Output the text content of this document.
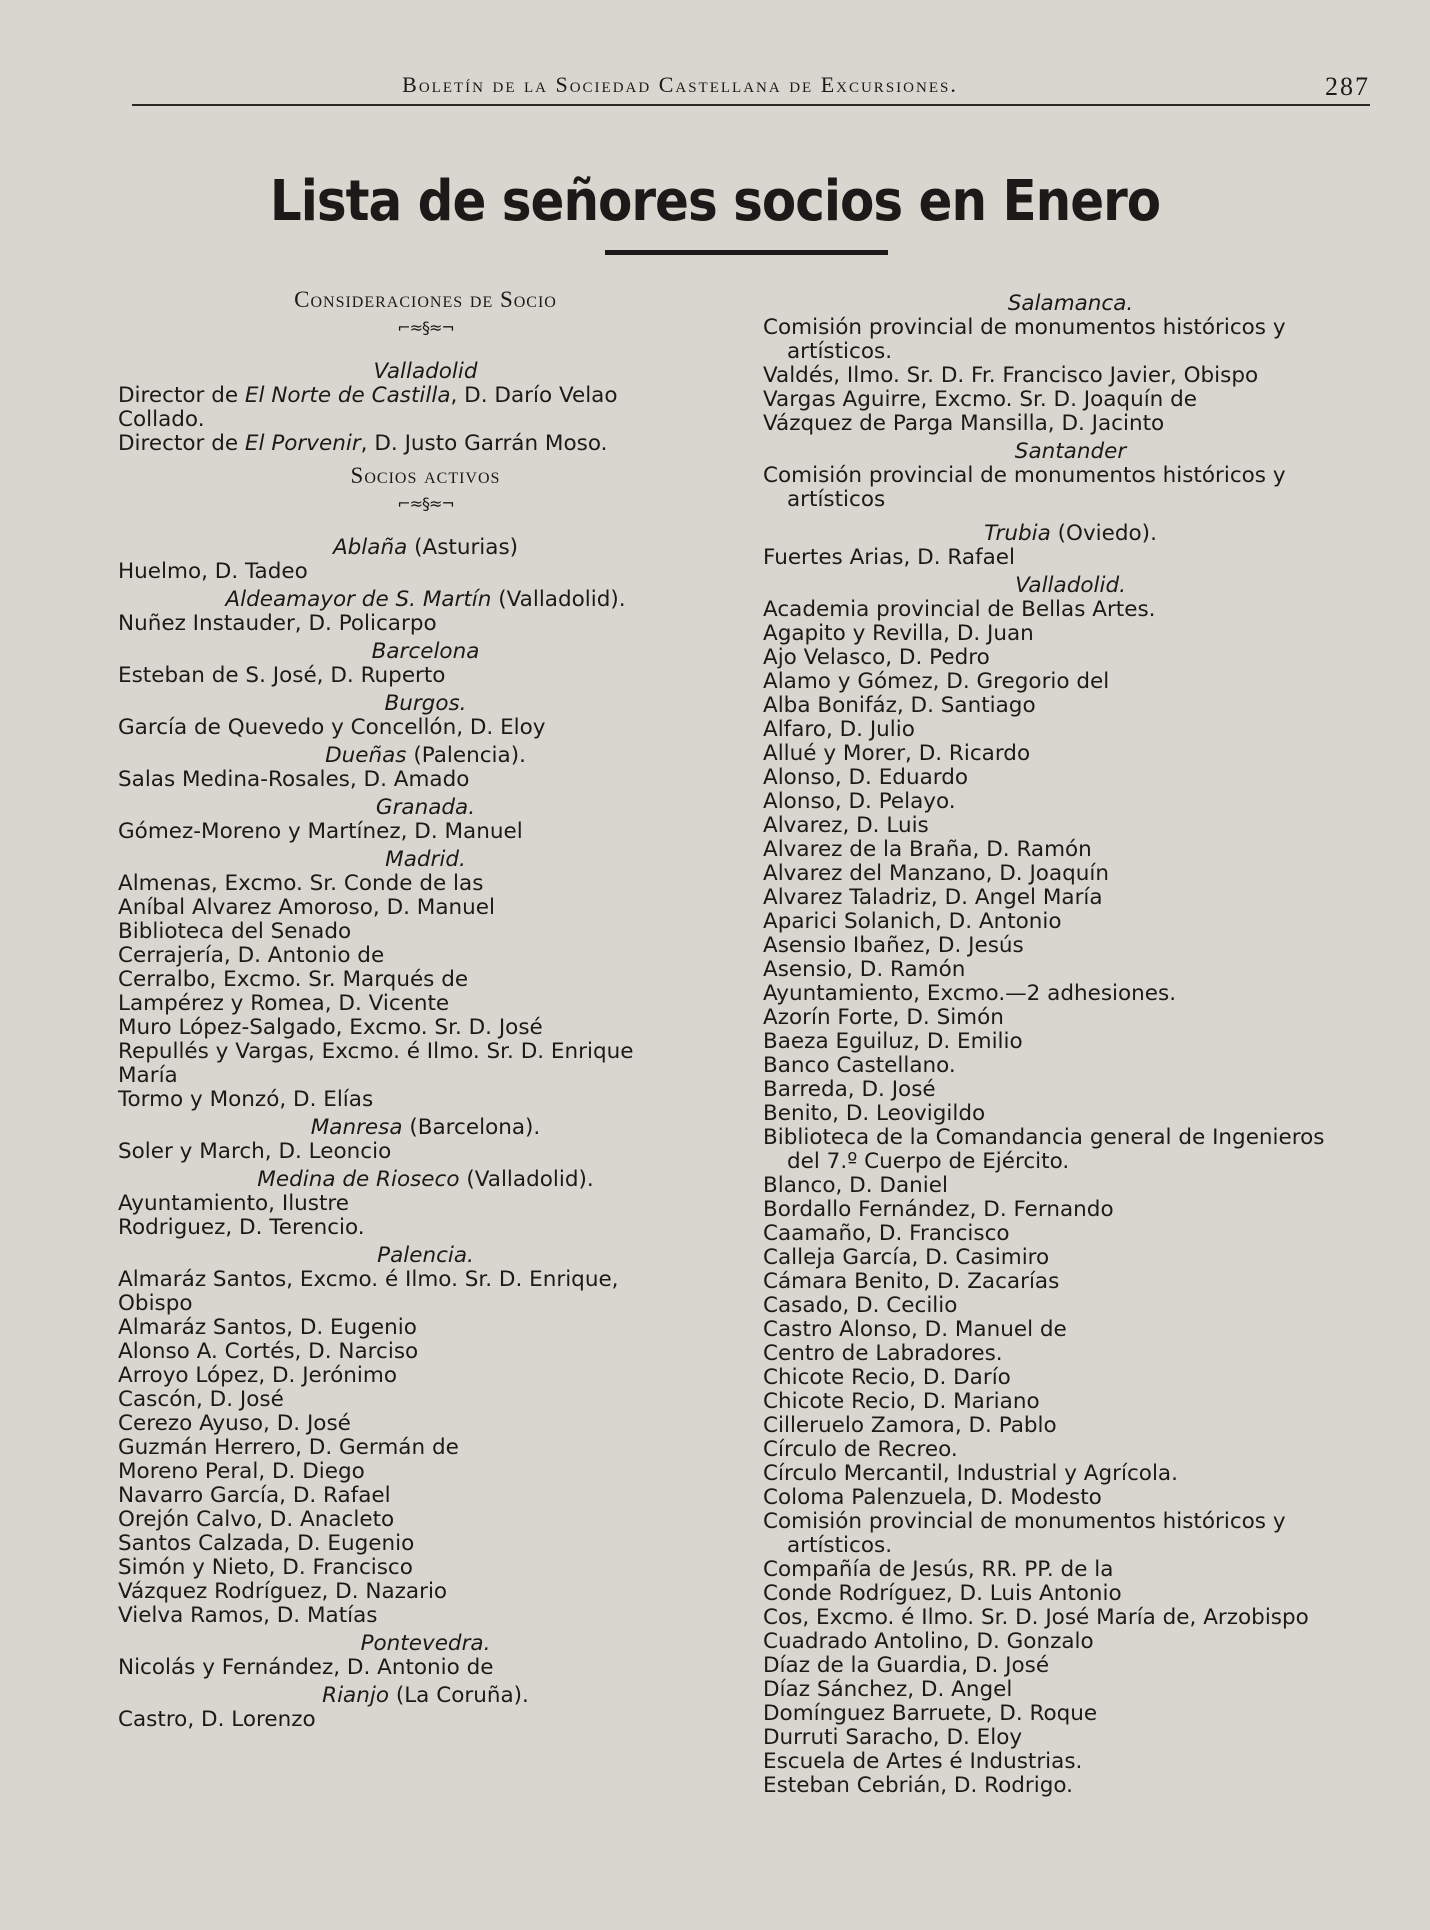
Boletín de la Sociedad Castellana de Excursiones.	287
Lista de señores socios en Enero
Consideraciones de Socio
⌐≈§≈¬
Valladolid
Director de El Norte de Castilla, D. Darío Velao
Collado.
Director de El Porvenir, D. Justo Garrán Moso.
Socios activos
⌐≈§≈¬
Ablaña (Asturias)
Huelmo, D. Tadeo
Aldeamayor de S. Martín (Valladolid).
Nuñez Instauder, D. Policarpo
Barcelona
Esteban de S. José, D. Ruperto
Burgos.
García de Quevedo y Concellón, D. Eloy
Dueñas (Palencia).
Salas Medina-Rosales, D. Amado
Granada.
Gómez-Moreno y Martínez, D. Manuel
Madrid.
Almenas, Excmo. Sr. Conde de las
Aníbal Alvarez Amoroso, D. Manuel
Biblioteca del Senado
Cerrajería, D. Antonio de
Cerralbo, Excmo. Sr. Marqués de
Lampérez y Romea, D. Vicente
Muro López-Salgado, Excmo. Sr. D. José
Repullés y Vargas, Excmo. é Ilmo. Sr. D. Enrique
María
Tormo y Monzó, D. Elías
Manresa (Barcelona).
Soler y March, D. Leoncio
Medina de Rioseco (Valladolid).
Ayuntamiento, Ilustre
Rodriguez, D. Terencio.
Palencia.
Almaráz Santos, Excmo. é Ilmo. Sr. D. Enrique,
Obispo
Almaráz Santos, D. Eugenio
Alonso A. Cortés, D. Narciso
Arroyo López, D. Jerónimo
Cascón, D. José
Cerezo Ayuso, D. José
Guzmán Herrero, D. Germán de
Moreno Peral, D. Diego
Navarro García, D. Rafael
Orejón Calvo, D. Anacleto
Santos Calzada, D. Eugenio
Simón y Nieto, D. Francisco
Vázquez Rodríguez, D. Nazario
Vielva Ramos, D. Matías
Pontevedra.
Nicolás y Fernández, D. Antonio de
Rianjo (La Coruña).
Castro, D. Lorenzo
Salamanca.
Comisión provincial de monumentos históricos y
artísticos.
Valdés, Ilmo. Sr. D. Fr. Francisco Javier, Obispo
Vargas Aguirre, Excmo. Sr. D. Joaquín de
Vázquez de Parga Mansilla, D. Jacinto
Santander
Comisión provincial de monumentos históricos y
artísticos
Trubia (Oviedo).
Fuertes Arias, D. Rafael
Valladolid.
Academia provincial de Bellas Artes.
Agapito y Revilla, D. Juan
Ajo Velasco, D. Pedro
Alamo y Gómez, D. Gregorio del
Alba Bonifáz, D. Santiago
Alfaro, D. Julio
Allué y Morer, D. Ricardo
Alonso, D. Eduardo
Alonso, D. Pelayo.
Alvarez, D. Luis
Alvarez de la Braña, D. Ramón
Alvarez del Manzano, D. Joaquín
Alvarez Taladriz, D. Angel María
Aparici Solanich, D. Antonio
Asensio Ibañez, D. Jesús
Asensio, D. Ramón
Ayuntamiento, Excmo.—2 adhesiones.
Azorín Forte, D. Simón
Baeza Eguiluz, D. Emilio
Banco Castellano.
Barreda, D. José
Benito, D. Leovigildo
Biblioteca de la Comandancia general de Ingenieros
del 7.º Cuerpo de Ejército.
Blanco, D. Daniel
Bordallo Fernández, D. Fernando
Caamaño, D. Francisco
Calleja García, D. Casimiro
Cámara Benito, D. Zacarías
Casado, D. Cecilio
Castro Alonso, D. Manuel de
Centro de Labradores.
Chicote Recio, D. Darío
Chicote Recio, D. Mariano
Cilleruelo Zamora, D. Pablo
Círculo de Recreo.
Círculo Mercantil, Industrial y Agrícola.
Coloma Palenzuela, D. Modesto
Comisión provincial de monumentos históricos y
artísticos.
Compañía de Jesús, RR. PP. de la
Conde Rodríguez, D. Luis Antonio
Cos, Excmo. é Ilmo. Sr. D. José María de, Arzobispo
Cuadrado Antolino, D. Gonzalo
Díaz de la Guardia, D. José
Díaz Sánchez, D. Angel
Domínguez Barruete, D. Roque
Durruti Saracho, D. Eloy
Escuela de Artes é Industrias.
Esteban Cebrián, D. Rodrigo.
